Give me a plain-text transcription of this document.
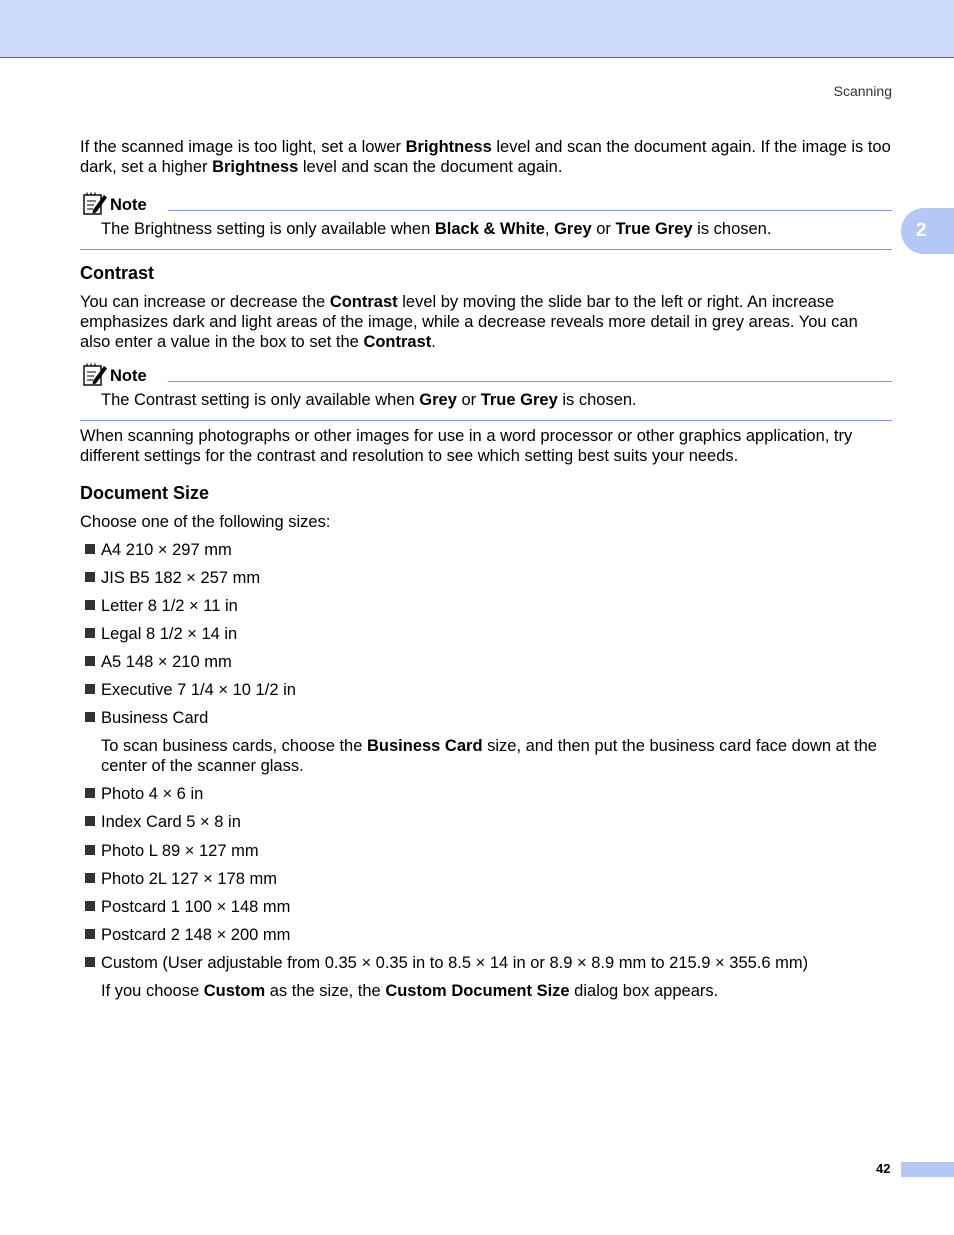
Scanning
2

If the scanned image is too light, set a lower Brightness level and scan the document again. If the image is too dark, set a higher Brightness level and scan the document again.

Note

The Brightness setting is only available when Black & White, Grey or True Grey is chosen.

Contrast

You can increase or decrease the Contrast level by moving the slide bar to the left or right. An increase emphasizes dark and light areas of the image, while a decrease reveals more detail in grey areas. You can also enter a value in the box to set the Contrast.

Note

The Contrast setting is only available when Grey or True Grey is chosen.

When scanning photographs or other images for use in a word processor or other graphics application, try different settings for the contrast and resolution to see which setting best suits your needs.

Document Size

Choose one of the following sizes:

A4 210 × 297 mm
JIS B5 182 × 257 mm
Letter 8 1/2 × 11 in
Legal 8 1/2 × 14 in
A5 148 × 210 mm
Executive 7 1/4 × 10 1/2 in
Business Card

To scan business cards, choose the Business Card size, and then put the business card face down at the center of the scanner glass.

Photo 4 × 6 in
Index Card 5 × 8 in
Photo L 89 × 127 mm
Photo 2L 127 × 178 mm
Postcard 1 100 × 148 mm
Postcard 2 148 × 200 mm
Custom (User adjustable from 0.35 × 0.35 in to 8.5 × 14 in or 8.9 × 8.9 mm to 215.9 × 355.6 mm)

If you choose Custom as the size, the Custom Document Size dialog box appears.

42
